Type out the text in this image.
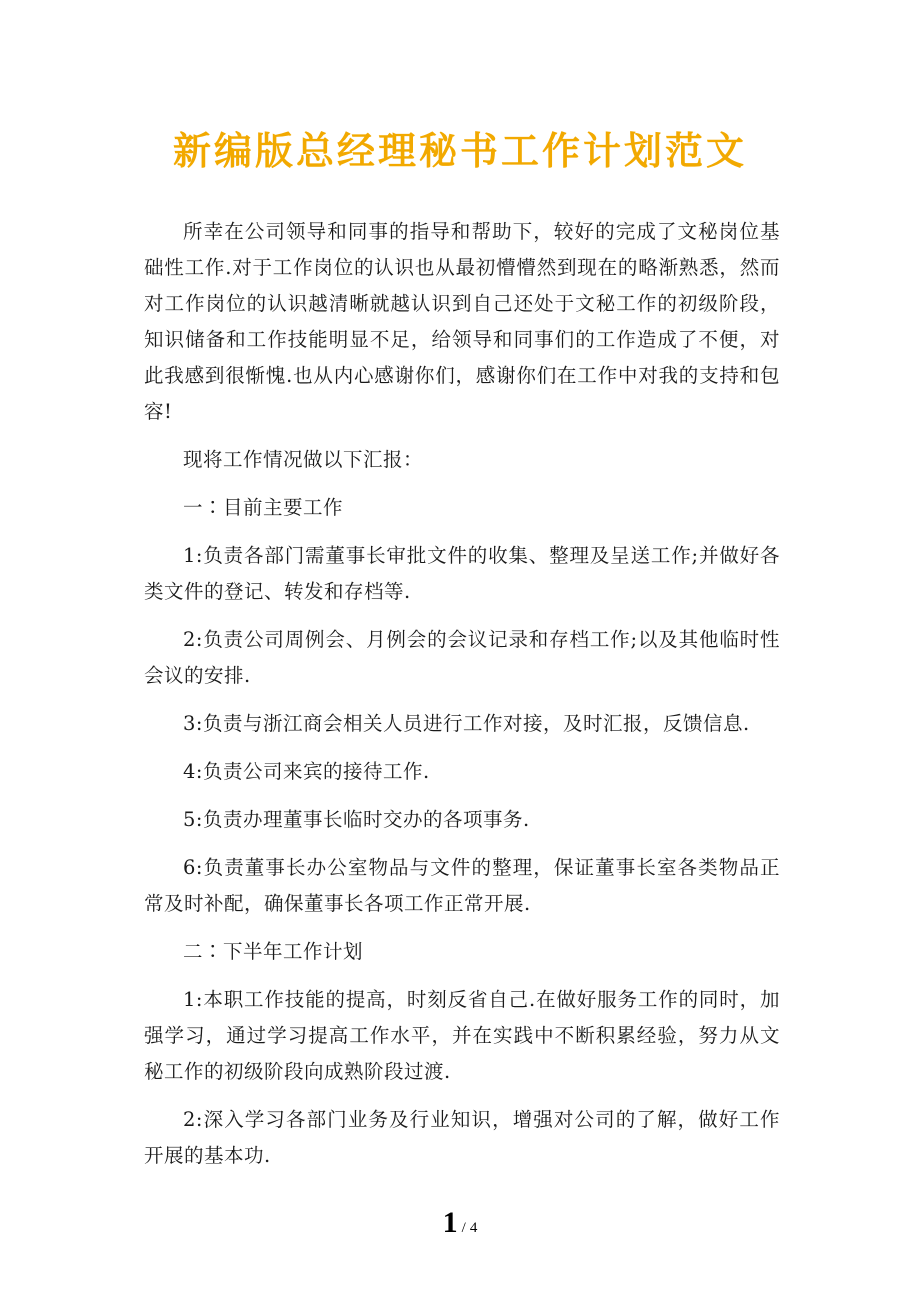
新编版总经理秘书工作计划范文

所幸在公司领导和同事的指导和帮助下，较好的完成了文秘岗位基础性工作.对于工作岗位的认识也从最初懵懵然到现在的略渐熟悉，然而对工作岗位的认识越清晰就越认识到自己还处于文秘工作的初级阶段，知识储备和工作技能明显不足，给领导和同事们的工作造成了不便，对此我感到很惭愧.也从内心感谢你们，感谢你们在工作中对我的支持和包容!

现将工作情况做以下汇报：

一∶目前主要工作

1:负责各部门需董事长审批文件的收集、整理及呈送工作;并做好各类文件的登记、转发和存档等.

2:负责公司周例会、月例会的会议记录和存档工作;以及其他临时性会议的安排.

3:负责与浙江商会相关人员进行工作对接，及时汇报，反馈信息.

4:负责公司来宾的接待工作.

5:负责办理董事长临时交办的各项事务.

6:负责董事长办公室物品与文件的整理，保证董事长室各类物品正常及时补配，确保董事长各项工作正常开展.

二∶下半年工作计划

1:本职工作技能的提高，时刻反省自己.在做好服务工作的同时，加强学习，通过学习提高工作水平，并在实践中不断积累经验，努力从文秘工作的初级阶段向成熟阶段过渡.

2:深入学习各部门业务及行业知识，增强对公司的了解，做好工作开展的基本功.

1 / 4
